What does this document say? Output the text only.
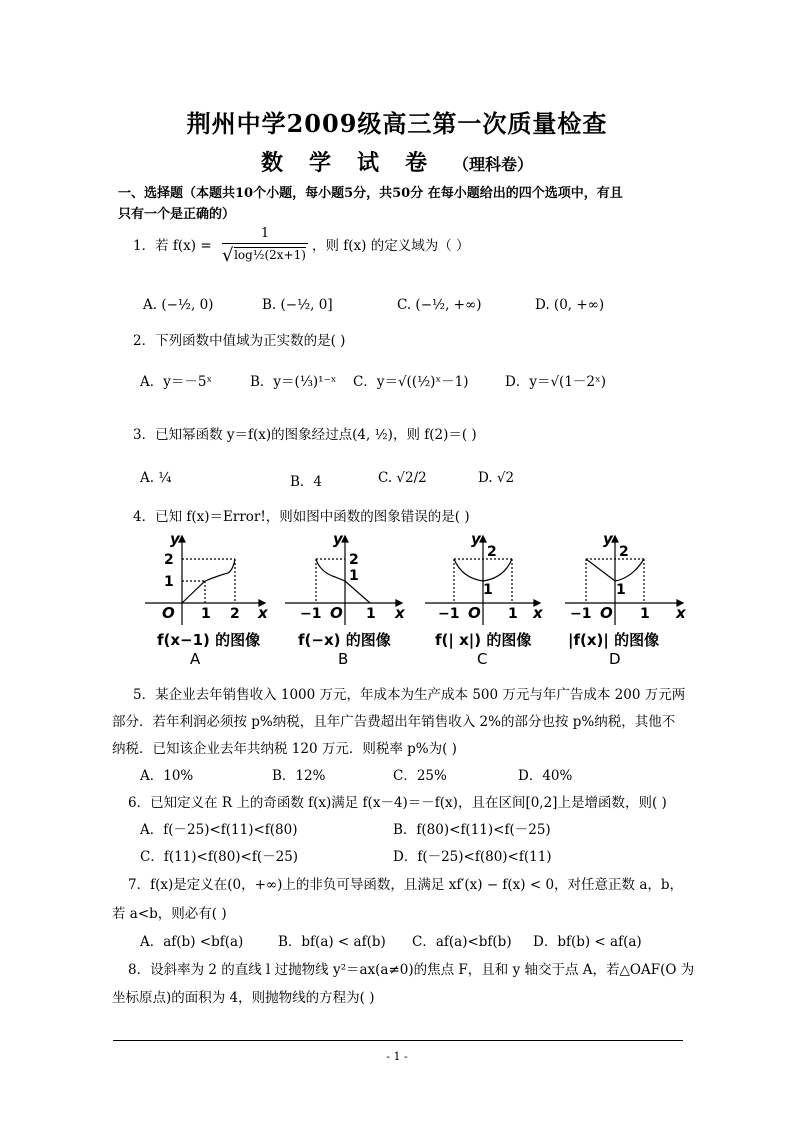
荆州中学2009级高三第一次质量检查
数学试卷（理科卷）
一、选择题（本题共10个小题，每小题5分，共50分 在每小题给出的四个选项中，有且
只有一个是正确的）
1．若 $f(x) = \frac{1}{\text{√ log½(2x+1)}}$ ，则 f(x) 的定义域为（ ）
A. (−½, 0)	B. (−½, 0]	C. (−½, +∞)	D. (0, +∞)
2．下列函数中值域为正实数的是( )
A．y＝－5ˣ	B．y＝(⅓)¹⁻ˣ C．y＝√((½)ˣ－1)	D．y＝√(1－2ˣ)
3．已知幂函数 y＝f(x)的图象经过点(4, ½)，则 f(2)＝( )
A. ¼	B．4	C. √2/2	D. √2
4．已知 f(x)＝Error!，则如图中函数的图象错误的是( )
y
x
y
x
y
x
y
x
O	O	O	O
2
1
1 2
2
1
−1	1
2
1
−1	1
2
1
−1	1
f(x−1) 的图像	f(−x) 的图像	f(| x|) 的图像 |f(x)| 的图像
A	B	C	D
5．某企业去年销售收入 1000 万元，年成本为生产成本 500 万元与年广告成本 200 万元两
部分．若年利润必须按 p%纳税，且年广告费超出年销售收入 2%的部分也按 p%纳税，其他不
纳税．已知该企业去年共纳税 120 万元．则税率 p%为( )
A．10%	B．12%	C．25%	D．40%
6．已知定义在 R 上的奇函数 f(x)满足 f(x－4)＝－f(x)，且在区间[0,2]上是增函数，则( )
A．f(－25)<f(11)<f(80)	B．f(80)<f(11)<f(－25)
C．f(11)<f(80)<f(－25)	D．f(－25)<f(80)<f(11)
7．f(x)是定义在(0，+∞)上的非负可导函数，且满足 xf′(x) − f(x) < 0，对任意正数 a，b，
若 a<b，则必有( )
A．af(b) <bf(a)	B．bf(a) < af(b) C．af(a)<bf(b) D．bf(b) < af(a)
8．设斜率为 2 的直线 l 过抛物线 y²＝ax(a≠0)的焦点 F，且和 y 轴交于点 A，若△OAF(O 为
坐标原点)的面积为 4，则抛物线的方程为( )
- 1 -
